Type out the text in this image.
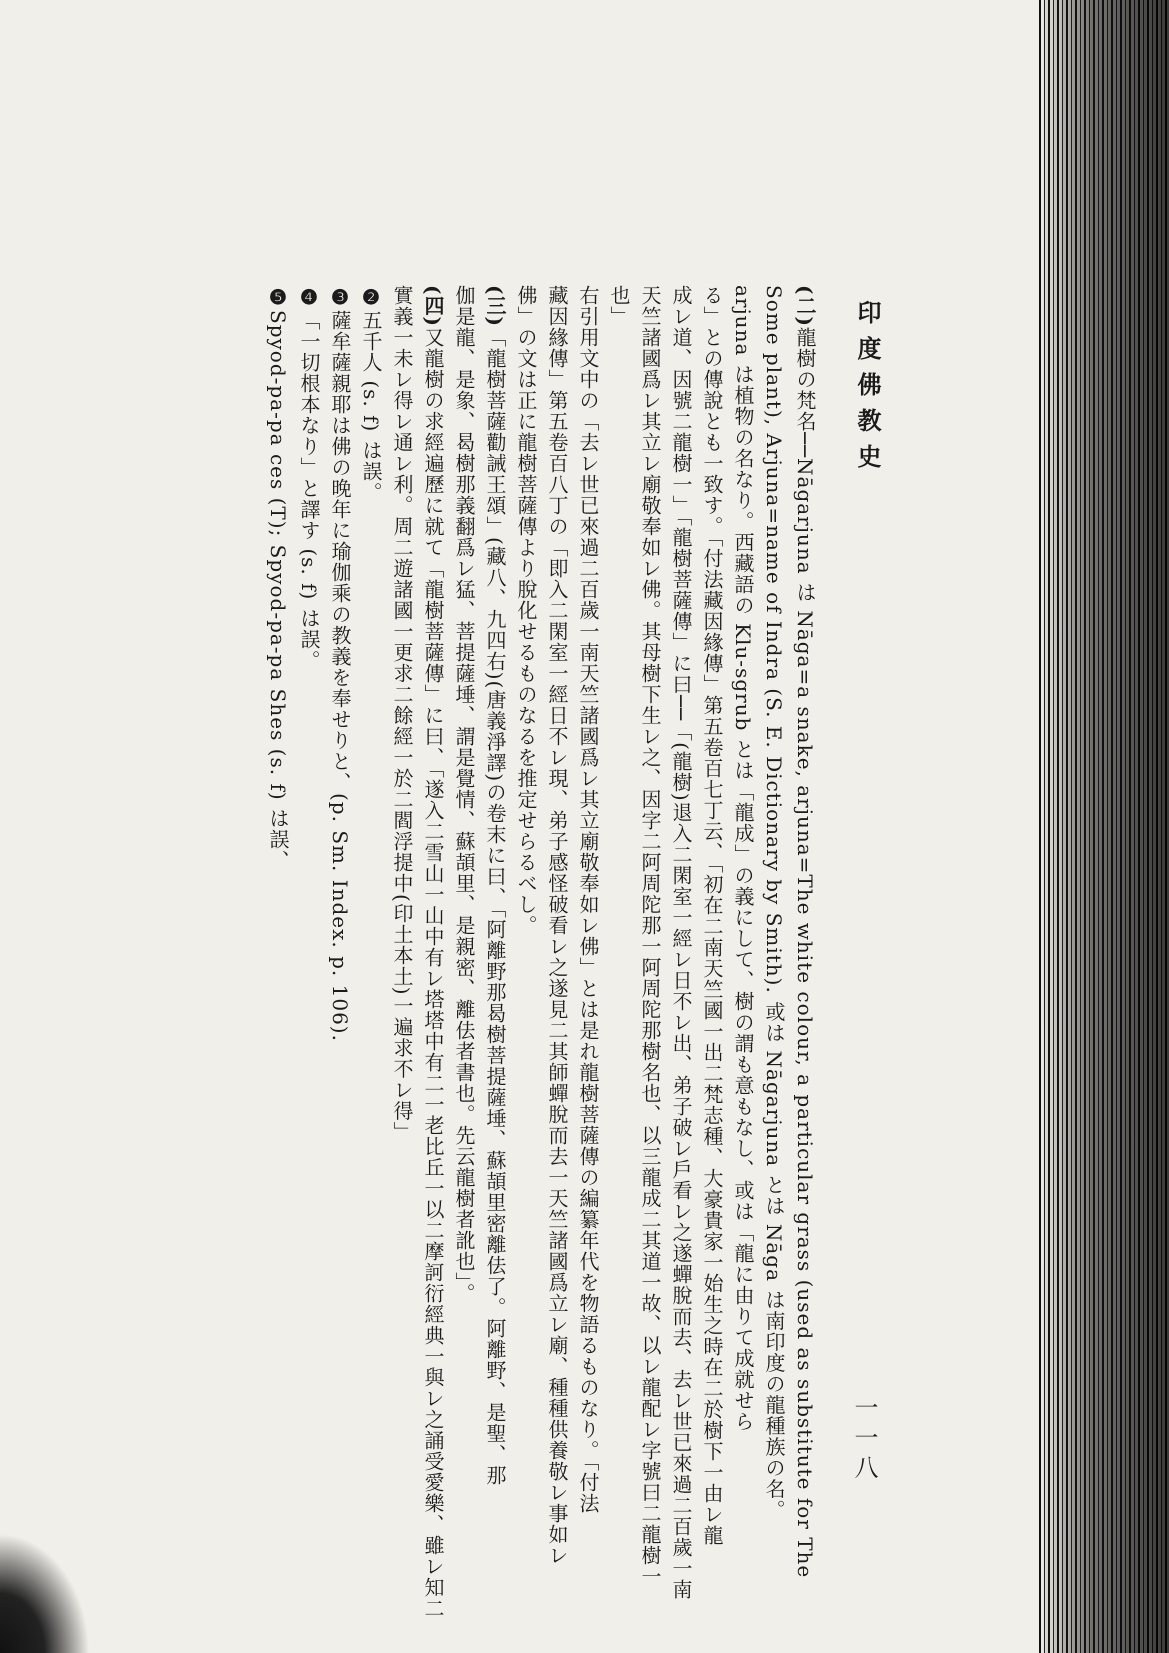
印度佛教史
一一八
(二)龍樹の梵名──Nāgarjuna は Nāga=a snake, arjuna=The white colour, a particular grass (used as substitute for The
Some plant), Arjuna=name of Indra (S. E. Dictionary by Smith). 或は Nāgarjuna とは Nāga は南印度の龍種族の名。
arjuna は植物の名なり。西藏語の Klu-sgrub とは「龍成」の義にして、樹の謂も意もなし、或は「龍に由りて成就せら
る」との傳說とも一致す。「付法藏因緣傳」第五卷百七丁云、「初在二南天竺國一出二梵志種、大豪貴家一始生之時在二於樹下一由レ龍
成レ道、因號二龍樹一」「龍樹菩薩傳」に曰──「(龍樹)退入二閑室一經レ日不レ出、弟子破レ戶看レ之遂蟬脫而去、去レ世已來過二百歲一南
天竺諸國爲レ其立レ廟敬奉如レ佛。其母樹下生レ之、因字二阿周陀那一阿周陀那樹名也、以三龍成二其道一故、以レ龍配レ字號曰二龍樹一
也」
右引用文中の「去レ世已來過二百歲一南天竺諸國爲レ其立廟敬奉如レ佛」とは是れ龍樹菩薩傳の編纂年代を物語るものなり。「付法
藏因緣傳」第五卷百八丁の「即入二閑室一經日不レ現、弟子感怪破看レ之遂見二其師蟬脫而去一天竺諸國爲立レ廟、種種供養敬レ事如レ
佛」の文は正に龍樹菩薩傳より脫化せるものなるを推定せらるべし。
(三)「龍樹菩薩勸誡王頌」(藏八、九四右)(唐義淨譯)の卷末に曰、「阿離野那曷樹菩提薩埵、蘇頡里密離佉了。阿離野、是聖、那
伽是龍、是象、曷樹那義翻爲レ猛、菩提薩埵、謂是覺情、蘇頡里、是親密、離佉者書也。先云龍樹者訛也」。
(四)又龍樹の求經遍歷に就て「龍樹菩薩傳」に曰、「遂入二雪山一山中有レ塔塔中有二一老比丘一以二摩訶衍經典一與レ之誦受愛樂、雖レ知二
實義一未レ得レ通レ利。周二遊諸國一更求二餘經一於二閻浮提中(印土本土)一遍求不レ得」
❷五千人 (s. f) は誤。
❸薩牟薩親耶は佛の晚年に瑜伽乘の教義を奉せりと、(p. Sm. Index. p. 106).
❹「一切根本なり」と譯す (s. f) は誤。
❺Spyod-pa-pa ces (T); Spyod-pa-pa Shes (s. f) は誤、
